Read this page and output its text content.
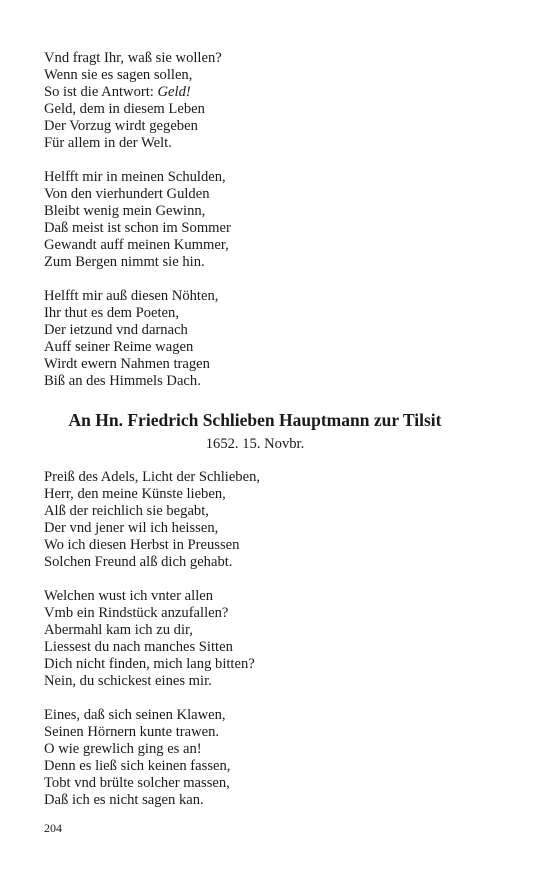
Vnd fragt Ihr, waß sie wollen?
Wenn sie es sagen sollen,
So ist die Antwort: Geld!
Geld, dem in diesem Leben
Der Vorzug wirdt gegeben
Für allem in der Welt.
Helfft mir in meinen Schulden,
Von den vierhundert Gulden
Bleibt wenig mein Gewinn,
Daß meist ist schon im Sommer
Gewandt auff meinen Kummer,
Zum Bergen nimmt sie hin.
Helfft mir auß diesen Nöhten,
Ihr thut es dem Poeten,
Der ietzund vnd darnach
Auff seiner Reime wagen
Wirdt ewern Nahmen tragen
Biß an des Himmels Dach.
An Hn. Friedrich Schlieben Hauptmann zur Tilsit
1652. 15. Novbr.
Preiß des Adels, Licht der Schlieben,
Herr, den meine Künste lieben,
Alß der reichlich sie begabt,
Der vnd jener wil ich heissen,
Wo ich diesen Herbst in Preussen
Solchen Freund alß dich gehabt.
Welchen wust ich vnter allen
Vmb ein Rindstück anzufallen?
Abermahl kam ich zu dir,
Liessest du nach manches Sitten
Dich nicht finden, mich lang bitten?
Nein, du schickest eines mir.
Eines, daß sich seinen Klawen,
Seinen Hörnern kunte trawen.
O wie grewlich ging es an!
Denn es ließ sich keinen fassen,
Tobt vnd brülte solcher massen,
Daß ich es nicht sagen kan.
204
